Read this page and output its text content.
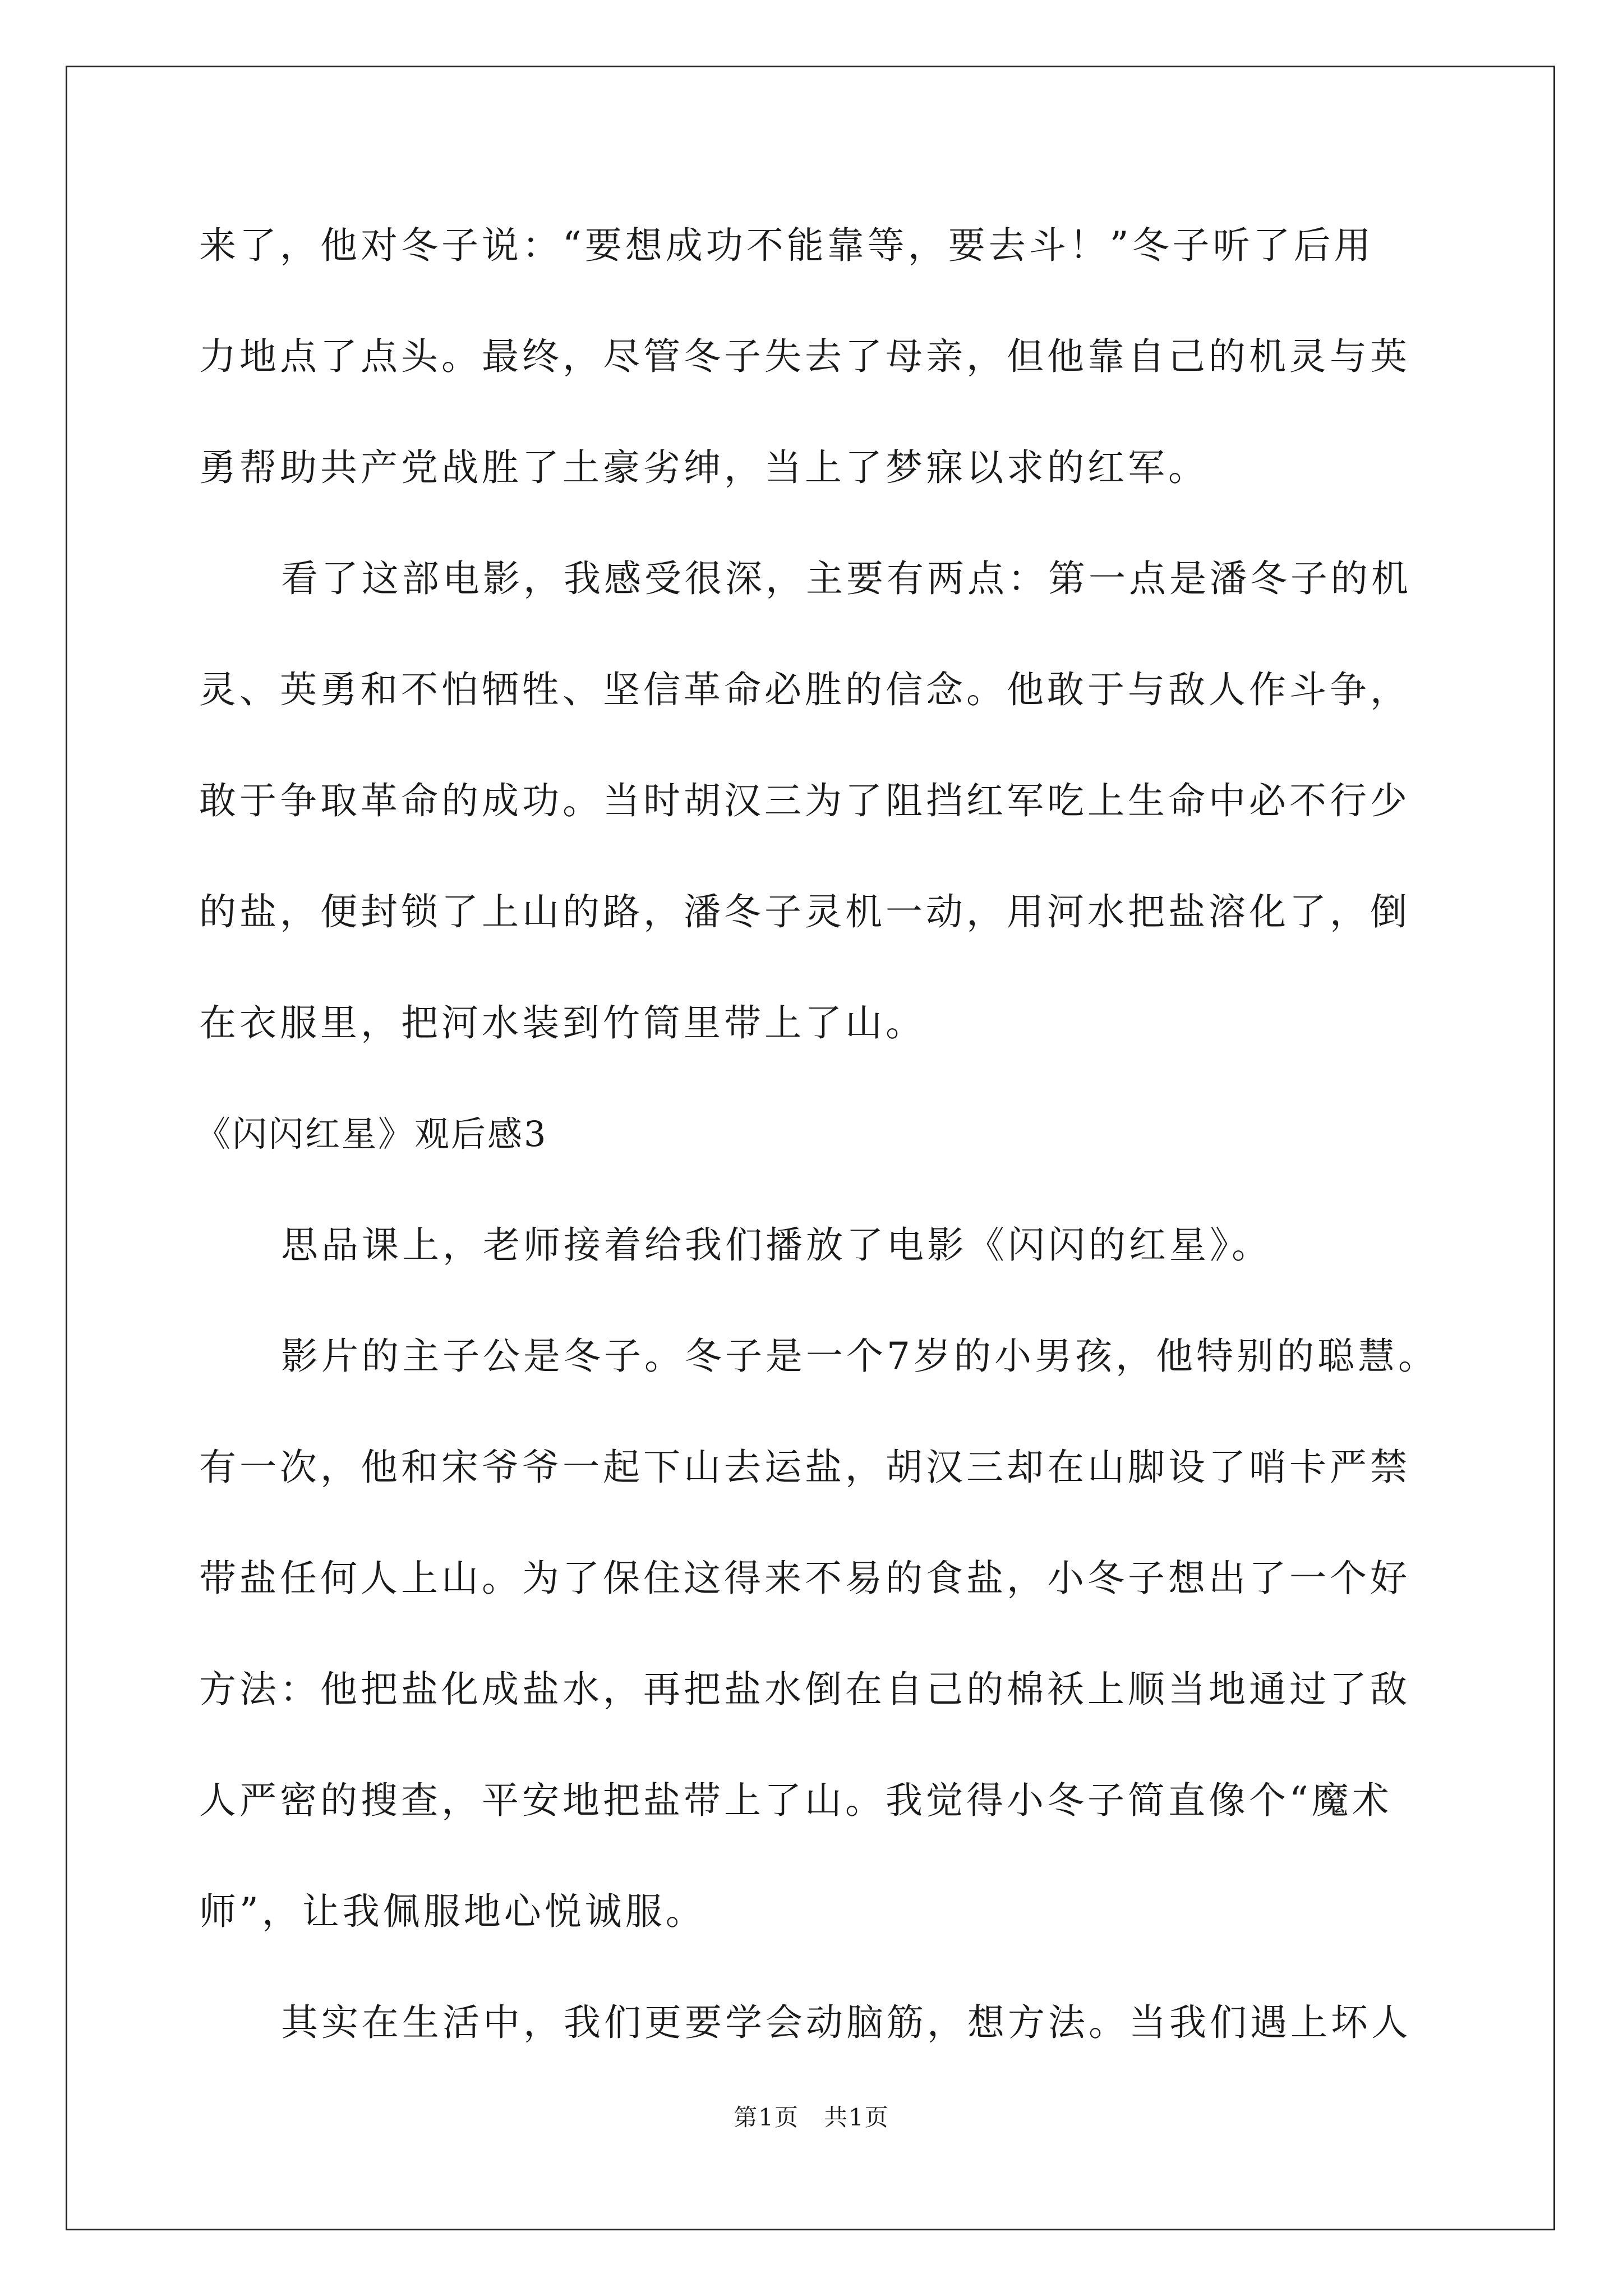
来了，他对冬子说：“要想成功不能靠等，要去斗！”冬子听了后用
力地点了点头。最终，尽管冬子失去了母亲，但他靠自己的机灵与英
勇帮助共产党战胜了土豪劣绅，当上了梦寐以求的红军。
看了这部电影，我感受很深，主要有两点：第一点是潘冬子的机
灵、英勇和不怕牺牲、坚信革命必胜的信念。他敢于与敌人作斗争，
敢于争取革命的成功。当时胡汉三为了阻挡红军吃上生命中必不行少
的盐，便封锁了上山的路，潘冬子灵机一动，用河水把盐溶化了，倒
在衣服里，把河水装到竹筒里带上了山。
《闪闪红星》观后感3
思品课上，老师接着给我们播放了电影《闪闪的红星》。
影片的主子公是冬子。冬子是一个7岁的小男孩，他特别的聪慧。
有一次，他和宋爷爷一起下山去运盐，胡汉三却在山脚设了哨卡严禁
带盐任何人上山。为了保住这得来不易的食盐，小冬子想出了一个好
方法：他把盐化成盐水，再把盐水倒在自己的棉袄上顺当地通过了敌
人严密的搜查，平安地把盐带上了山。我觉得小冬子简直像个“魔术
师”，让我佩服地心悦诚服。
其实在生活中，我们更要学会动脑筋，想方法。当我们遇上坏人
第1页　共1页
